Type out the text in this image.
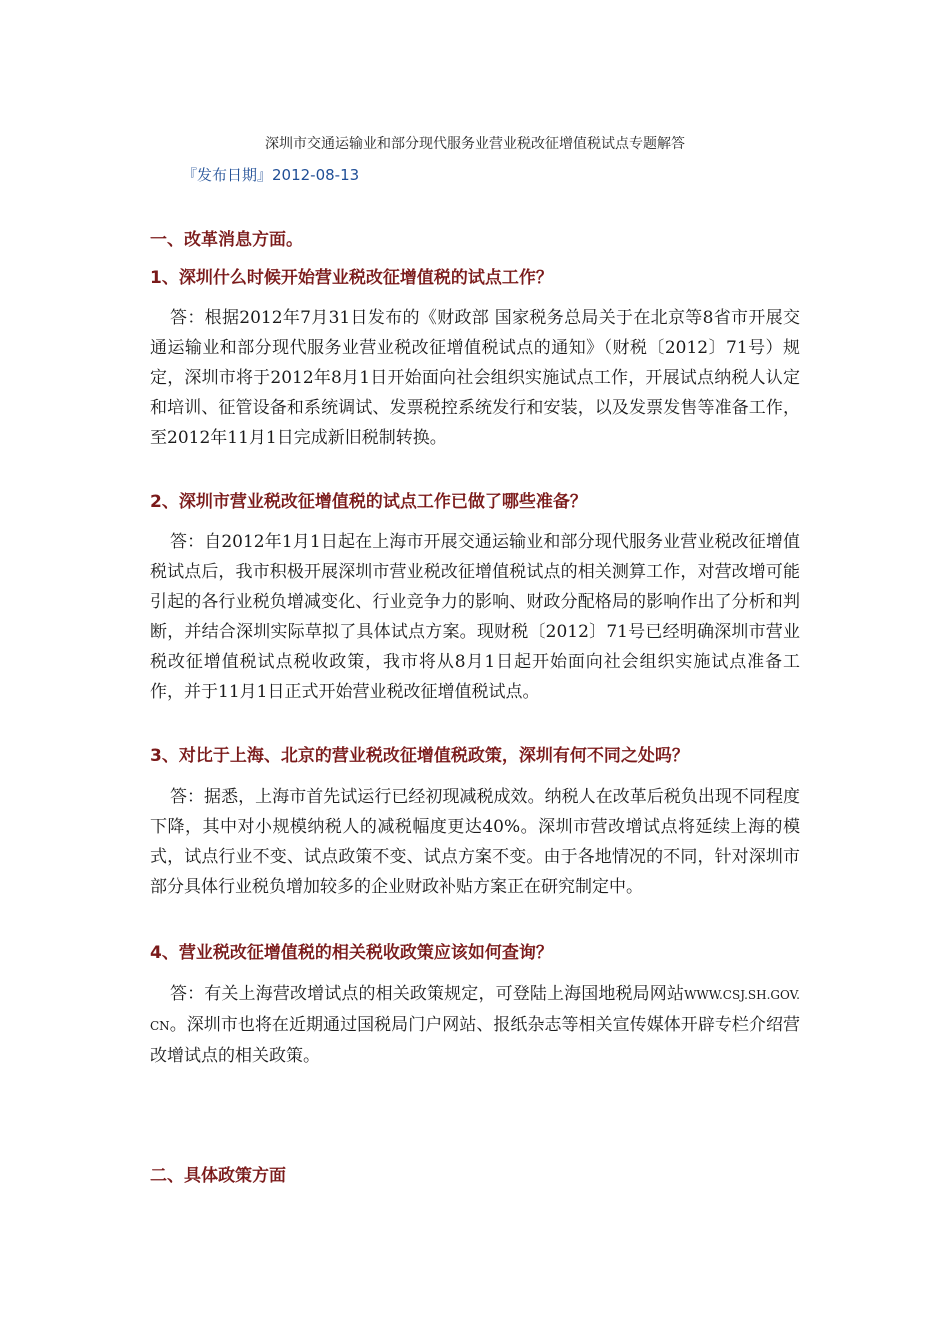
深圳市交通运输业和部分现代服务业营业税改征增值税试点专题解答
『发布日期』2012-08-13
一、改革消息方面。
1、深圳什么时候开始营业税改征增值税的试点工作？
答：根据2012年7月31日发布的《财政部 国家税务总局关于在北京等8省市开展交通运输业和部分现代服务业营业税改征增值税试点的通知》（财税〔2012〕71号）规定，深圳市将于2012年8月1日开始面向社会组织实施试点工作，开展试点纳税人认定和培训、征管设备和系统调试、发票税控系统发行和安装，以及发票发售等准备工作，至2012年11月1日完成新旧税制转换。
2、深圳市营业税改征增值税的试点工作已做了哪些准备？
答：自2012年1月1日起在上海市开展交通运输业和部分现代服务业营业税改征增值税试点后，我市积极开展深圳市营业税改征增值税试点的相关测算工作，对营改增可能引起的各行业税负增减变化、行业竞争力的影响、财政分配格局的影响作出了分析和判断，并结合深圳实际草拟了具体试点方案。现财税〔2012〕71号已经明确深圳市营业税改征增值税试点税收政策，我市将从8月1日起开始面向社会组织实施试点准备工作，并于11月1日正式开始营业税改征增值税试点。
3、对比于上海、北京的营业税改征增值税政策，深圳有何不同之处吗？
答：据悉，上海市首先试运行已经初现减税成效。纳税人在改革后税负出现不同程度下降，其中对小规模纳税人的减税幅度更达40%。深圳市营改增试点将延续上海的模式，试点行业不变、试点政策不变、试点方案不变。由于各地情况的不同，针对深圳市部分具体行业税负增加较多的企业财政补贴方案正在研究制定中。
4、营业税改征增值税的相关税收政策应该如何查询？
答：有关上海营改增试点的相关政策规定，可登陆上海国地税局网站WWW.CSJ.SH.GOV.CN。深圳市也将在近期通过国税局门户网站、报纸杂志等相关宣传媒体开辟专栏介绍营改增试点的相关政策。
二、具体政策方面
